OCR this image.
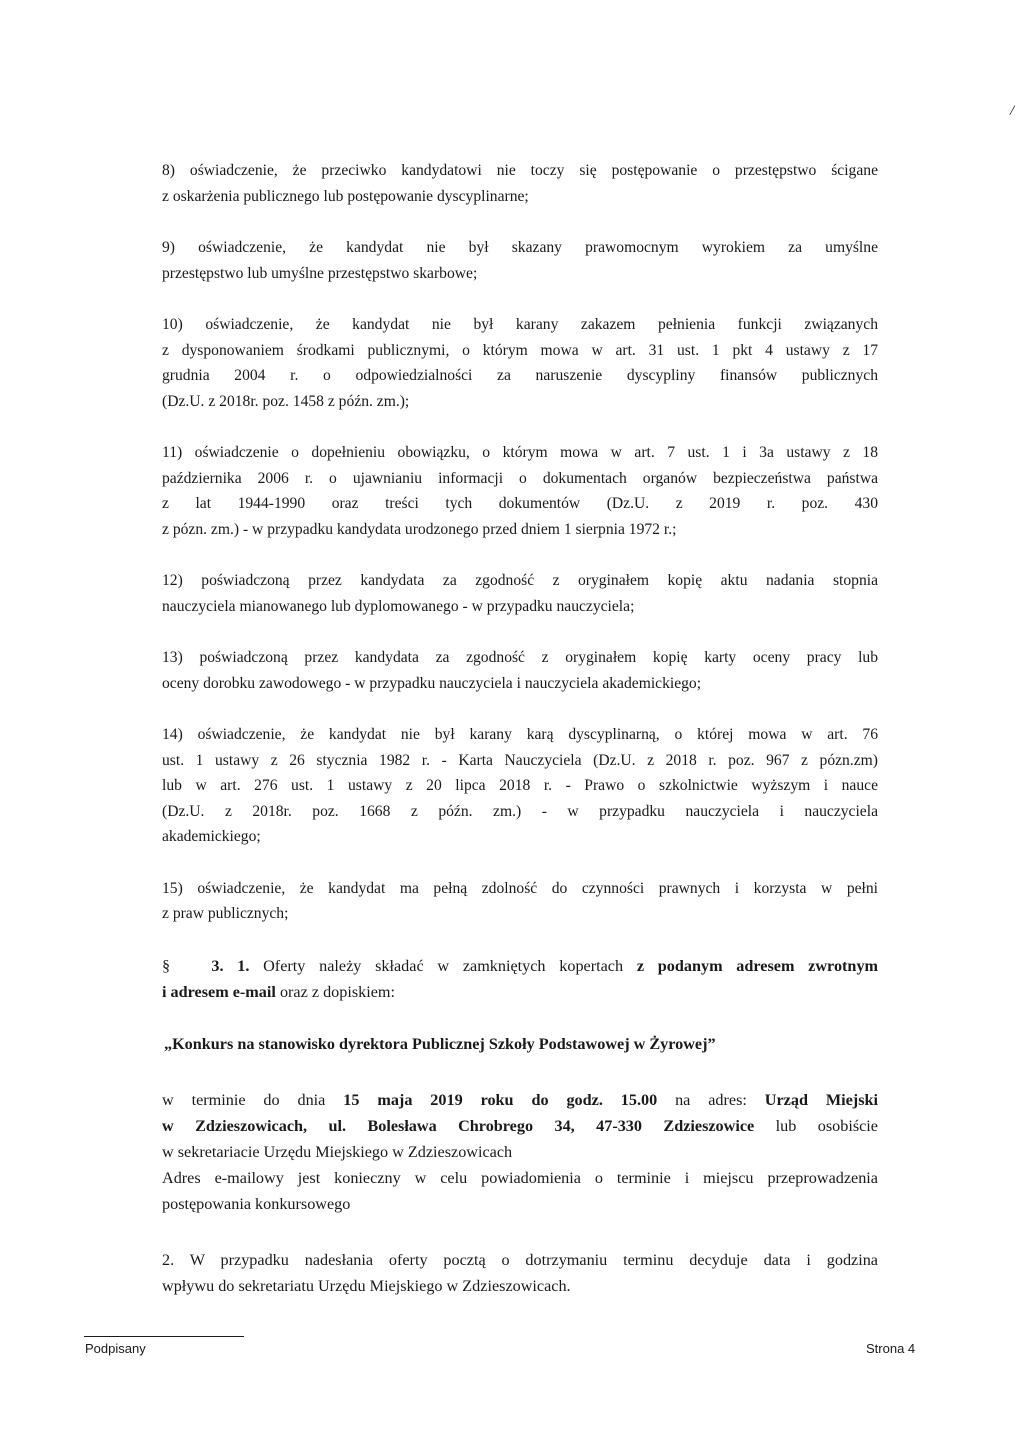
/
8) oświadczenie, że przeciwko kandydatowi nie toczy się postępowanie o przestępstwo ścigane
z oskarżenia publicznego lub postępowanie dyscyplinarne;
9) oświadczenie, że kandydat nie był skazany prawomocnym wyrokiem za umyślne
przestępstwo lub umyślne przestępstwo skarbowe;
10) oświadczenie, że kandydat nie był karany zakazem pełnienia funkcji związanych
z dysponowaniem środkami publicznymi, o którym mowa w art. 31 ust. 1 pkt 4 ustawy z 17
grudnia 2004 r. o odpowiedzialności za naruszenie dyscypliny finansów publicznych
(Dz.U. z 2018r. poz. 1458 z późn. zm.);
11) oświadczenie o dopełnieniu obowiązku, o którym mowa w art. 7 ust. 1 i 3a ustawy z 18
października 2006 r. o ujawnianiu informacji o dokumentach organów bezpieczeństwa państwa
z lat 1944-1990 oraz treści tych dokumentów (Dz.U. z 2019 r. poz. 430
z pózn. zm.) - w przypadku kandydata urodzonego przed dniem 1 sierpnia 1972 r.;
12) poświadczoną przez kandydata za zgodność z oryginałem kopię aktu nadania stopnia
nauczyciela mianowanego lub dyplomowanego - w przypadku nauczyciela;
13) poświadczoną przez kandydata za zgodność z oryginałem kopię karty oceny pracy lub
oceny dorobku zawodowego - w przypadku nauczyciela i nauczyciela akademickiego;
14) oświadczenie, że kandydat nie był karany karą dyscyplinarną, o której mowa w art. 76
ust. 1 ustawy z 26 stycznia 1982 r. - Karta Nauczyciela (Dz.U. z 2018 r. poz. 967 z pózn.zm)
lub w art. 276 ust. 1 ustawy z 20 lipca 2018 r. - Prawo o szkolnictwie wyższym i nauce
(Dz.U. z 2018r. poz. 1668 z późn. zm.) - w przypadku nauczyciela i nauczyciela
akademickiego;
15) oświadczenie, że kandydat ma pełną zdolność do czynności prawnych i korzysta w pełni
z praw publicznych;
§	3. 1. Oferty należy składać w zamkniętych kopertach z podanym adresem zwrotnym
i adresem e-mail oraz z dopiskiem:
„Konkurs na stanowisko dyrektora Publicznej Szkoły Podstawowej w Żyrowej”
w terminie do dnia 15 maja 2019 roku do godz. 15.00 na adres: Urząd Miejski
w Zdzieszowicach, ul. Bolesława Chrobrego 34, 47-330 Zdzieszowice lub osobiście
w sekretariacie Urzędu Miejskiego w Zdzieszowicach
Adres e-mailowy jest konieczny w celu powiadomienia o terminie i miejscu przeprowadzenia
postępowania konkursowego
2. W przypadku nadesłania oferty pocztą o dotrzymaniu terminu decyduje data i godzina
wpływu do sekretariatu Urzędu Miejskiego w Zdzieszowicach.
Podpisany	Strona 4
